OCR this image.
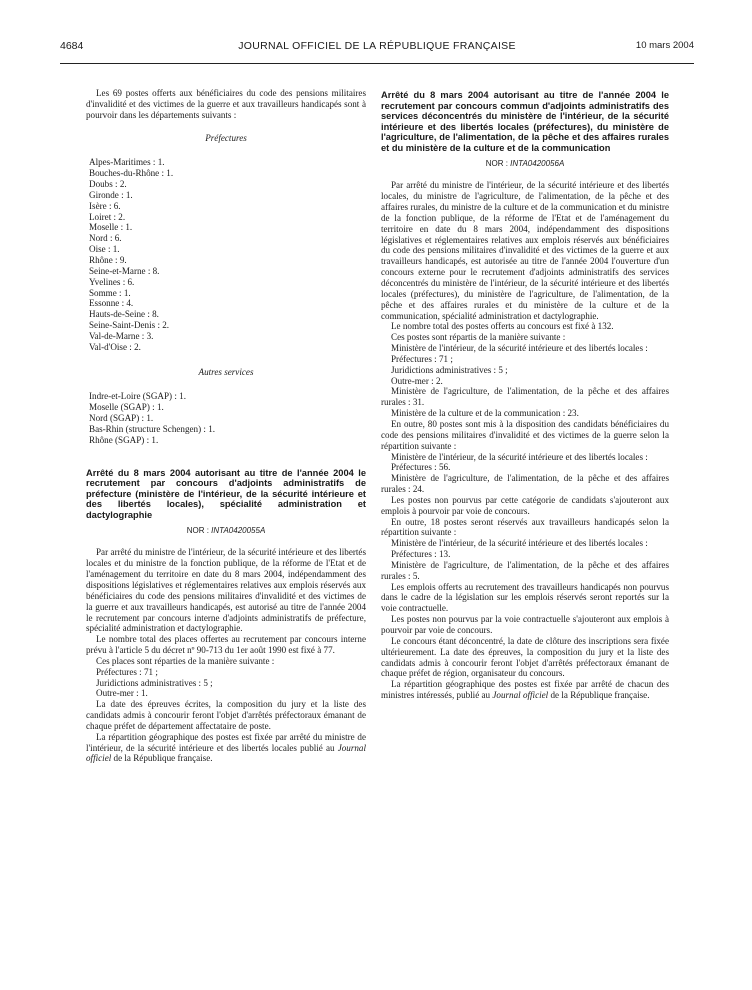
4684	JOURNAL OFFICIEL DE LA RÉPUBLIQUE FRANÇAISE	10 mars 2004

Les 69 postes offerts aux bénéficiaires du code des pensions militaires d'invalidité et des victimes de la guerre et aux travailleurs handicapés sont à pourvoir dans les départements suivants :

Préfectures

Alpes-Maritimes : 1.
Bouches-du-Rhône : 1.
Doubs : 2.
Gironde : 1.
Isère : 6.
Loiret : 2.
Moselle : 1.
Nord : 6.
Oise : 1.
Rhône : 9.
Seine-et-Marne : 8.
Yvelines : 6.
Somme : 1.
Essonne : 4.
Hauts-de-Seine : 8.
Seine-Saint-Denis : 2.
Val-de-Marne : 3.
Val-d'Oise : 2.

Autres services

Indre-et-Loire (SGAP) : 1.
Moselle (SGAP) : 1.
Nord (SGAP) : 1.
Bas-Rhin (structure Schengen) : 1.
Rhône (SGAP) : 1.

Arrêté du 8 mars 2004 autorisant au titre de l'année 2004 le recrutement par concours d'adjoints administratifs de préfecture (ministère de l'intérieur, de la sécurité intérieure et des libertés locales), spécialité administration et dactylographie

NOR : INTA0420055A

Par arrêté du ministre de l'intérieur, de la sécurité intérieure et des libertés locales et du ministre de la fonction publique, de la réforme de l'Etat et de l'aménagement du territoire en date du 8 mars 2004, indépendamment des dispositions législatives et réglementaires relatives aux emplois réservés aux bénéficiaires du code des pensions militaires d'invalidité et des victimes de la guerre et aux travailleurs handicapés, est autorisé au titre de l'année 2004 le recrutement par concours interne d'adjoints administratifs de préfecture, spécialité administration et dactylographie.

Le nombre total des places offertes au recrutement par concours interne prévu à l'article 5 du décret nº 90-713 du 1er août 1990 est fixé à 77.

Ces places sont réparties de la manière suivante :

Préfectures : 71 ;

Juridictions administratives : 5 ;

Outre-mer : 1.

La date des épreuves écrites, la composition du jury et la liste des candidats admis à concourir feront l'objet d'arrêtés préfectoraux émanant de chaque préfet de département affectataire de poste.

La répartition géographique des postes est fixée par arrêté du ministre de l'intérieur, de la sécurité intérieure et des libertés locales publié au Journal officiel de la République française.

Arrêté du 8 mars 2004 autorisant au titre de l'année 2004 le recrutement par concours commun d'adjoints administratifs des services déconcentrés du ministère de l'intérieur, de la sécurité intérieure et des libertés locales (préfectures), du ministère de l'agriculture, de l'alimentation, de la pêche et des affaires rurales et du ministère de la culture et de la communication

NOR : INTA0420056A

Par arrêté du ministre de l'intérieur, de la sécurité intérieure et des libertés locales, du ministre de l'agriculture, de l'alimentation, de la pêche et des affaires rurales, du ministre de la culture et de la communication et du ministre de la fonction publique, de la réforme de l'Etat et de l'aménagement du territoire en date du 8 mars 2004, indépendamment des dispositions législatives et réglementaires relatives aux emplois réservés aux bénéficiaires du code des pensions militaires d'invalidité et des victimes de la guerre et aux travailleurs handicapés, est autorisée au titre de l'année 2004 l'ouverture d'un concours externe pour le recrutement d'adjoints administratifs des services déconcentrés du ministère de l'intérieur, de la sécurité intérieure et des libertés locales (préfectures), du ministère de l'agriculture, de l'alimentation, de la pêche et des affaires rurales et du ministère de la culture et de la communication, spécialité administration et dactylographie.

Le nombre total des postes offerts au concours est fixé à 132.

Ces postes sont répartis de la manière suivante :

Ministère de l'intérieur, de la sécurité intérieure et des libertés locales :

Préfectures : 71 ;

Juridictions administratives : 5 ;

Outre-mer : 2.

Ministère de l'agriculture, de l'alimentation, de la pêche et des affaires rurales : 31.

Ministère de la culture et de la communication : 23.

En outre, 80 postes sont mis à la disposition des candidats bénéficiaires du code des pensions militaires d'invalidité et des victimes de la guerre selon la répartition suivante :

Ministère de l'intérieur, de la sécurité intérieure et des libertés locales :

Préfectures : 56.

Ministère de l'agriculture, de l'alimentation, de la pêche et des affaires rurales : 24.

Les postes non pourvus par cette catégorie de candidats s'ajouteront aux emplois à pourvoir par voie de concours.

En outre, 18 postes seront réservés aux travailleurs handicapés selon la répartition suivante :

Ministère de l'intérieur, de la sécurité intérieure et des libertés locales :

Préfectures : 13.

Ministère de l'agriculture, de l'alimentation, de la pêche et des affaires rurales : 5.

Les emplois offerts au recrutement des travailleurs handicapés non pourvus dans le cadre de la législation sur les emplois réservés seront reportés sur la voie contractuelle.

Les postes non pourvus par la voie contractuelle s'ajouteront aux emplois à pourvoir par voie de concours.

Le concours étant déconcentré, la date de clôture des inscriptions sera fixée ultérieurement. La date des épreuves, la composition du jury et la liste des candidats admis à concourir feront l'objet d'arrêtés préfectoraux émanant de chaque préfet de région, organisateur du concours.

La répartition géographique des postes est fixée par arrêté de chacun des ministres intéressés, publié au Journal officiel de la République française.
